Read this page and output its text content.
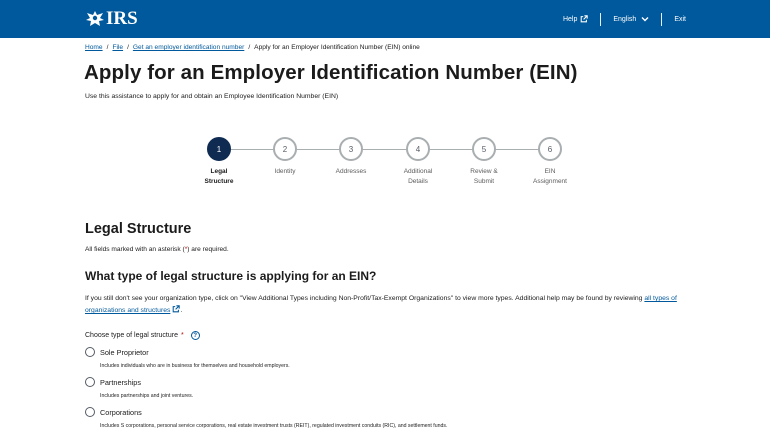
IRS	Help	English	Exit
Home / File / Get an employer identification number / Apply for an Employer Identification Number (EIN) online
Apply for an Employer Identification Number (EIN)
Use this assistance to apply for and obtain an Employee Identification Number (EIN)
1
Legal
Structure
2
Identity
3
Addresses
4
Additional
Details
5
Review &
Submit
6
EIN
Assignment
Legal Structure
All fields marked with an asterisk (*) are required.
What type of legal structure is applying for an EIN?

If you still don't see your organization type, click on "View Additional Types including Non-Profit/Tax-Exempt Organizations" to view more types. Additional help may be found by reviewing all types of organizations and structures .

Choose type of legal structure *	?
Sole Proprietor
Includes individuals who are in business for themselves and household employers.
Partnerships
Includes partnerships and joint ventures.
Corporations
Includes S corporations, personal service corporations, real estate investment trusts (REIT), regulated investment conduits (RIC), and settlement funds.
